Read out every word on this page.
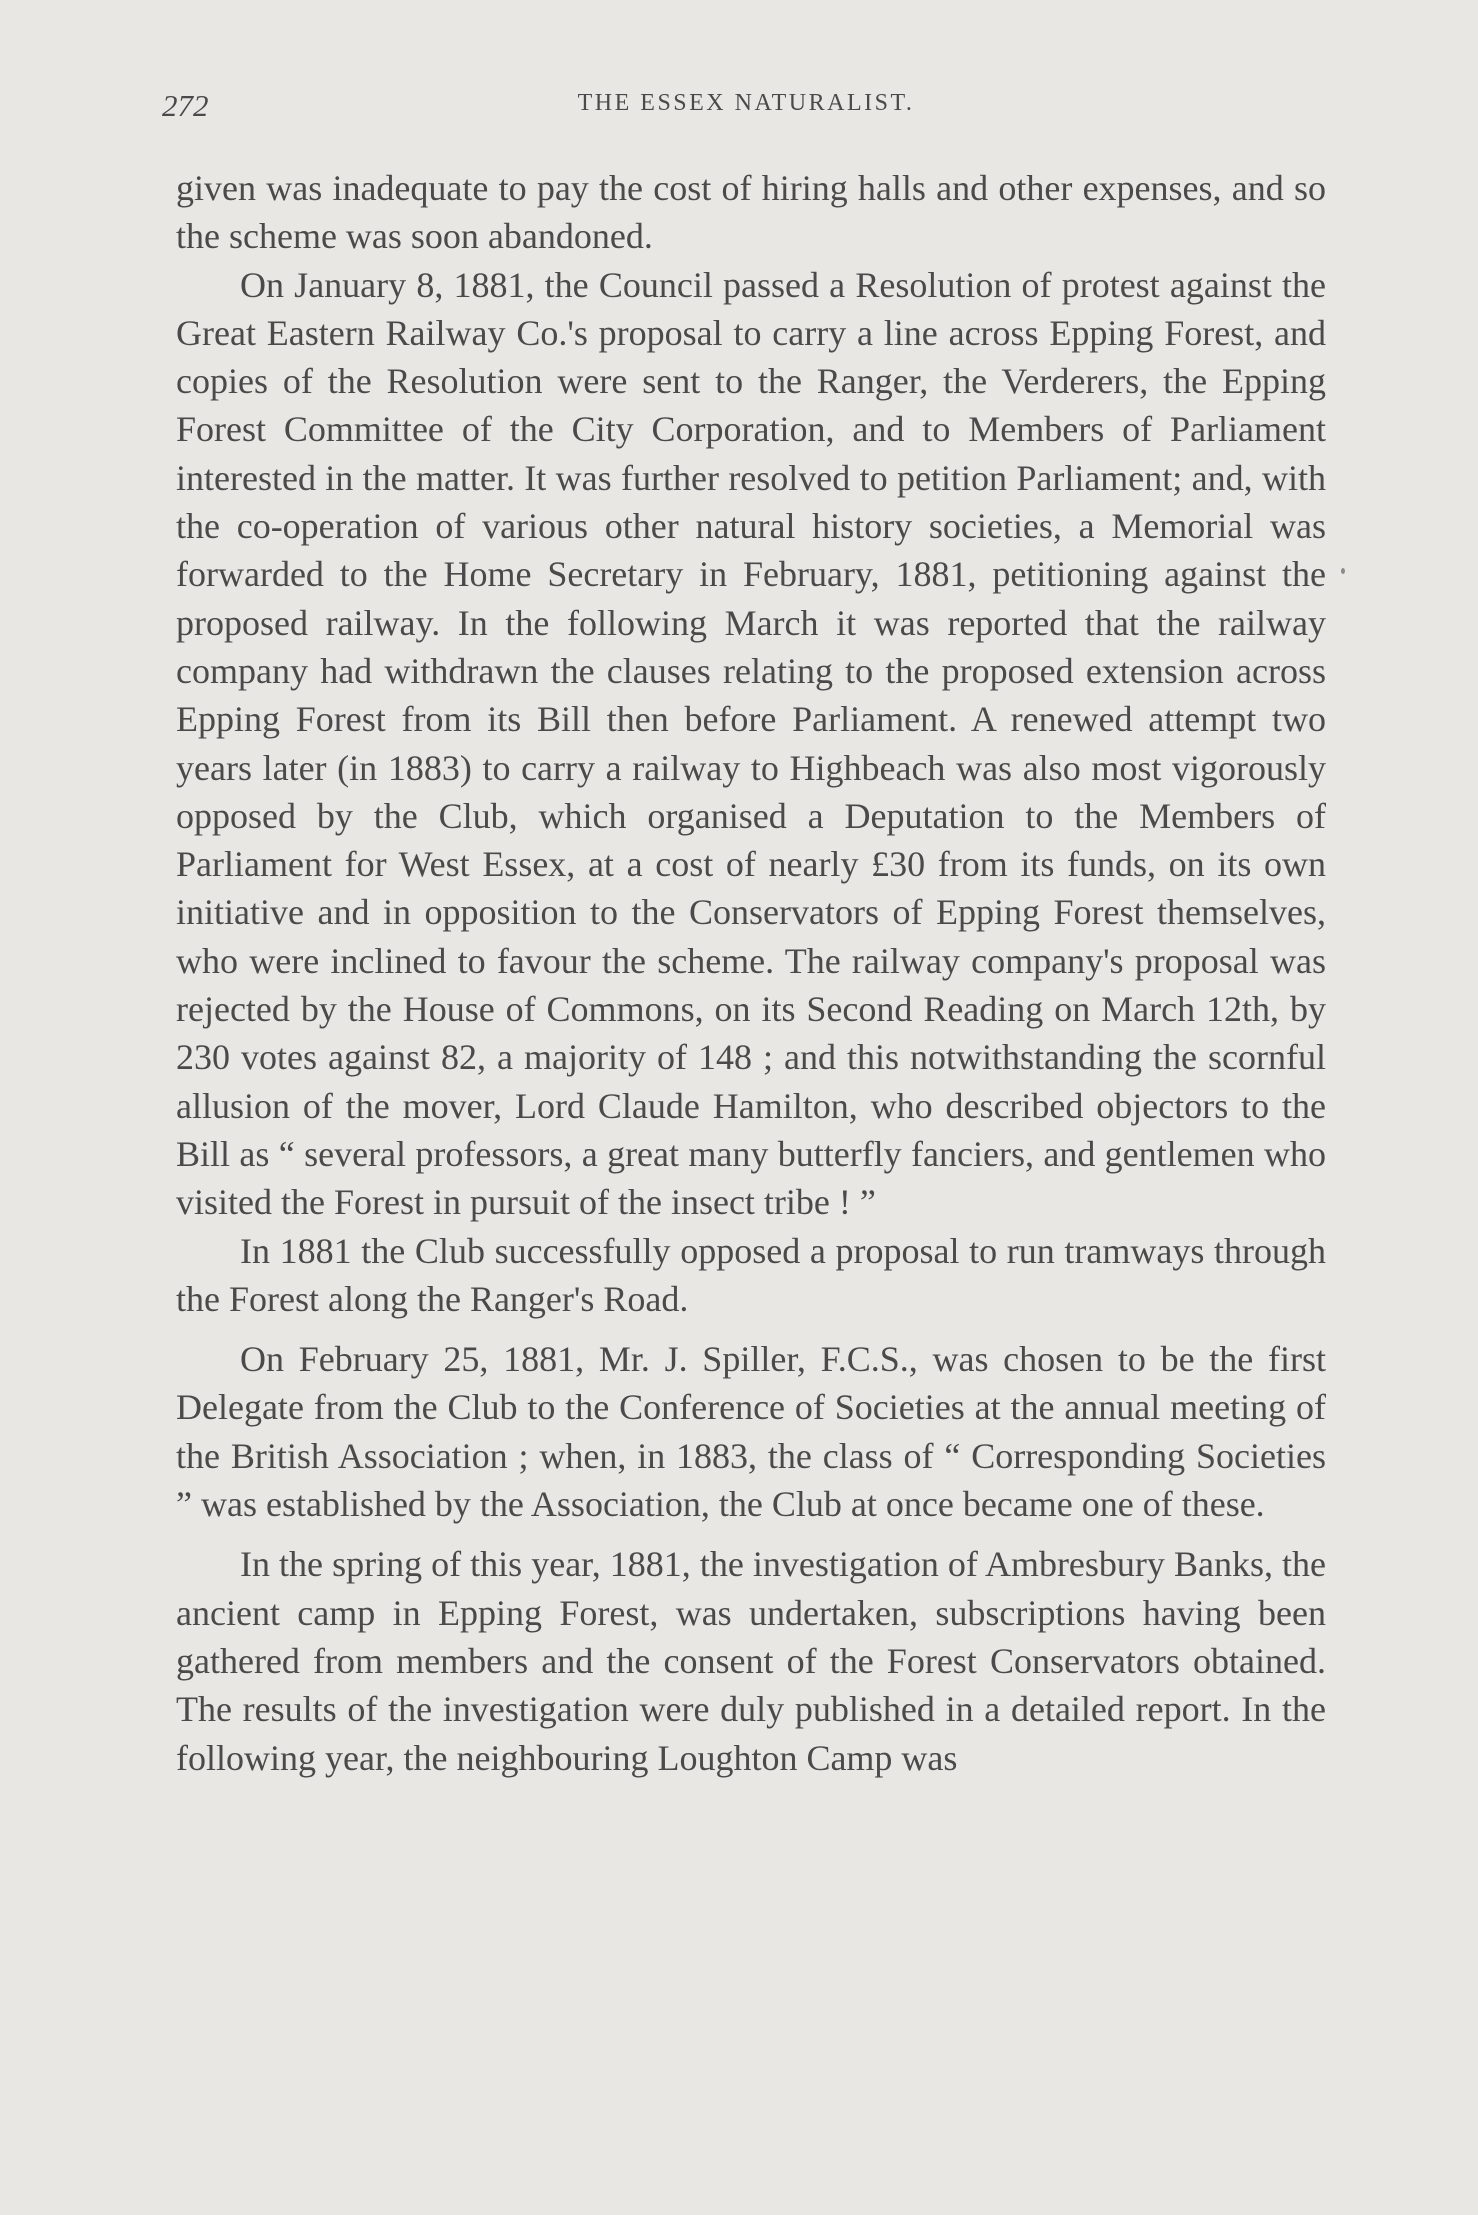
272	THE ESSEX NATURALIST.

given was inadequate to pay the cost of hiring halls and other expenses, and so the scheme was soon abandoned.

On January 8, 1881, the Council passed a Resolution of protest against the Great Eastern Railway Co.'s proposal to carry a line across Epping Forest, and copies of the Resolution were sent to the Ranger, the Verderers, the Epping Forest Committee of the City Corporation, and to Members of Parliament interested in the matter. It was further resolved to petition Parliament; and, with the co-operation of various other natural history societies, a Memorial was forwarded to the Home Secretary in February, 1881, petitioning against the proposed railway. In the following March it was reported that the railway company had withdrawn the clauses relating to the proposed extension across Epping Forest from its Bill then before Parliament. A renewed attempt two years later (in 1883) to carry a railway to Highbeach was also most vigorously opposed by the Club, which organised a Deputation to the Members of Parliament for West Essex, at a cost of nearly £30 from its funds, on its own initiative and in opposition to the Conservators of Epping Forest themselves, who were inclined to favour the scheme. The railway company's proposal was rejected by the House of Commons, on its Second Reading on March 12th, by 230 votes against 82, a majority of 148 ; and this notwithstanding the scornful allusion of the mover, Lord Claude Hamilton, who described objectors to the Bill as “ several professors, a great many butterfly fanciers, and gentlemen who visited the Forest in pursuit of the insect tribe ! ”

In 1881 the Club successfully opposed a proposal to run tramways through the Forest along the Ranger's Road.

On February 25, 1881, Mr. J. Spiller, F.C.S., was chosen to be the first Delegate from the Club to the Conference of Societies at the annual meeting of the British Association ; when, in 1883, the class of “ Corresponding Societies ” was established by the Association, the Club at once became one of these.

In the spring of this year, 1881, the investigation of Ambresbury Banks, the ancient camp in Epping Forest, was undertaken, subscriptions having been gathered from members and the consent of the Forest Conservators obtained. The results of the investigation were duly published in a detailed report. In the following year, the neighbouring Loughton Camp was
